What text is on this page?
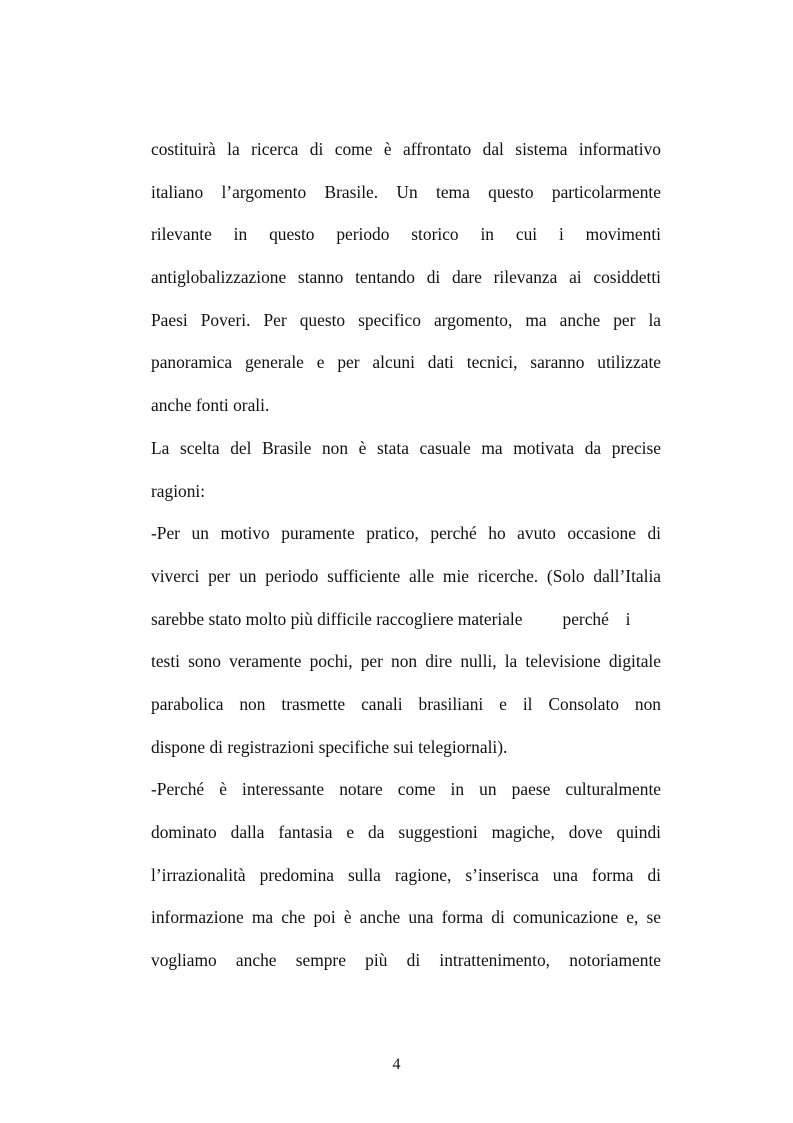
costituirà la ricerca di come è affrontato dal sistema informativo
italiano l’argomento Brasile. Un tema questo particolarmente
rilevante in questo periodo storico in cui i movimenti
antiglobalizzazione stanno tentando di dare rilevanza ai cosiddetti
Paesi Poveri. Per questo specifico argomento, ma anche per la
panoramica generale e per alcuni dati tecnici, saranno utilizzate
anche fonti orali.
La scelta del Brasile non è stata casuale ma motivata da precise
ragioni:
-Per un motivo puramente pratico, perché ho avuto occasione di
viverci per un periodo sufficiente alle mie ricerche. (Solo dall’Italia
sarebbe stato molto più difficile raccogliere materiale perché i
testi sono veramente pochi, per non dire nulli, la televisione digitale
parabolica non trasmette canali brasiliani e il Consolato non
dispone di registrazioni specifiche sui telegiornali).
-Perché è interessante notare come in un paese culturalmente
dominato dalla fantasia e da suggestioni magiche, dove quindi
l’irrazionalità predomina sulla ragione, s’inserisca una forma di
informazione ma che poi è anche una forma di comunicazione e, se
vogliamo anche sempre più di intrattenimento, notoriamente
4
